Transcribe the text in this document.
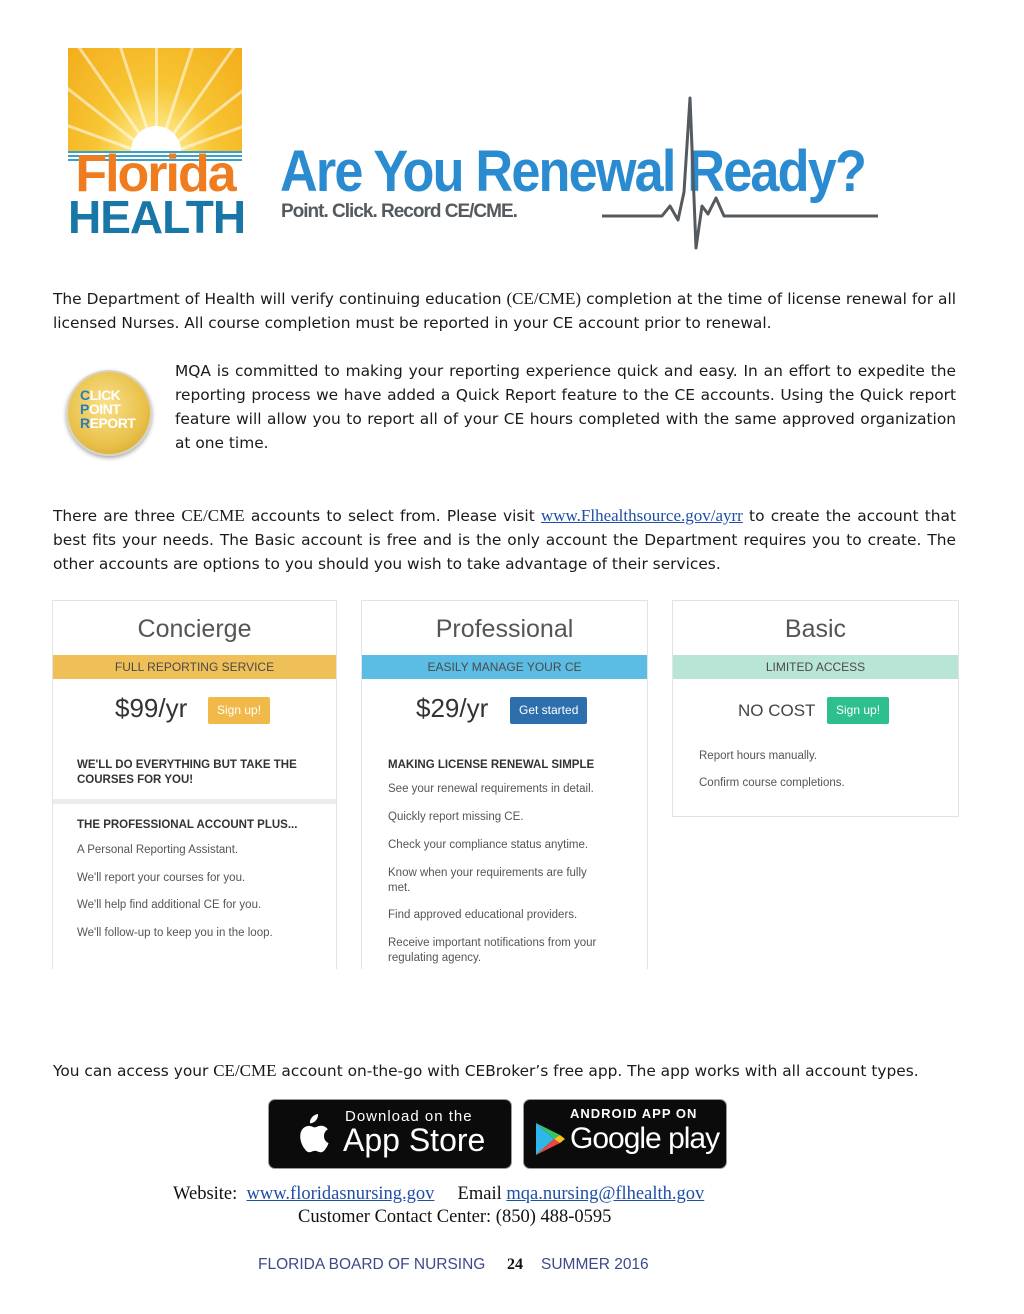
Florida
HEALTH
Are You Renewal Ready?
Point. Click. Record CE/CME.
The Department of Health will verify continuing education (CE/CME) completion at the time of license renewal for all licensed Nurses. All course completion must be reported in your CE account prior to renewal.
CLICK
POINT
REPORT
MQA is committed to making your reporting experience quick and easy. In an effort to expedite the reporting process we have added a Quick Report feature to the CE accounts. Using the Quick report feature will allow you to report all of your CE hours completed with the same approved organization at one time.
There are three CE/CME accounts to select from. Please visit www.Flhealthsource.gov/ayrr to create the account that best fits your needs. The Basic account is free and is the only account the Department requires you to create. The other accounts are options to you should you wish to take advantage of their services.
Concierge
FULL REPORTING SERVICE
$99/yr	Sign up!
WE'LL DO EVERYTHING BUT TAKE THE COURSES FOR YOU!
THE PROFESSIONAL ACCOUNT PLUS...
A Personal Reporting Assistant.
We'll report your courses for you.
We'll help find additional CE for you.
We'll follow-up to keep you in the loop.
Professional
EASILY MANAGE YOUR CE
$29/yr	Get started
MAKING LICENSE RENEWAL SIMPLE
See your renewal requirements in detail.
Quickly report missing CE.
Check your compliance status anytime.
Know when your requirements are fully met.
Find approved educational providers.
Receive important notifications from your regulating agency.
Basic
LIMITED ACCESS
NO COST	Sign up!
Report hours manually.
Confirm course completions.
You can access your CE/CME account on-the-go with CEBroker’s free app. The app works with all account types.
Download on the
App Store
ANDROID APP ON
Google play
Website: www.floridasnursing.gov Email mqa.nursing@flhealth.gov
Customer Contact Center: (850) 488-0595
FLORIDA BOARD OF NURSING 24 SUMMER 2016
